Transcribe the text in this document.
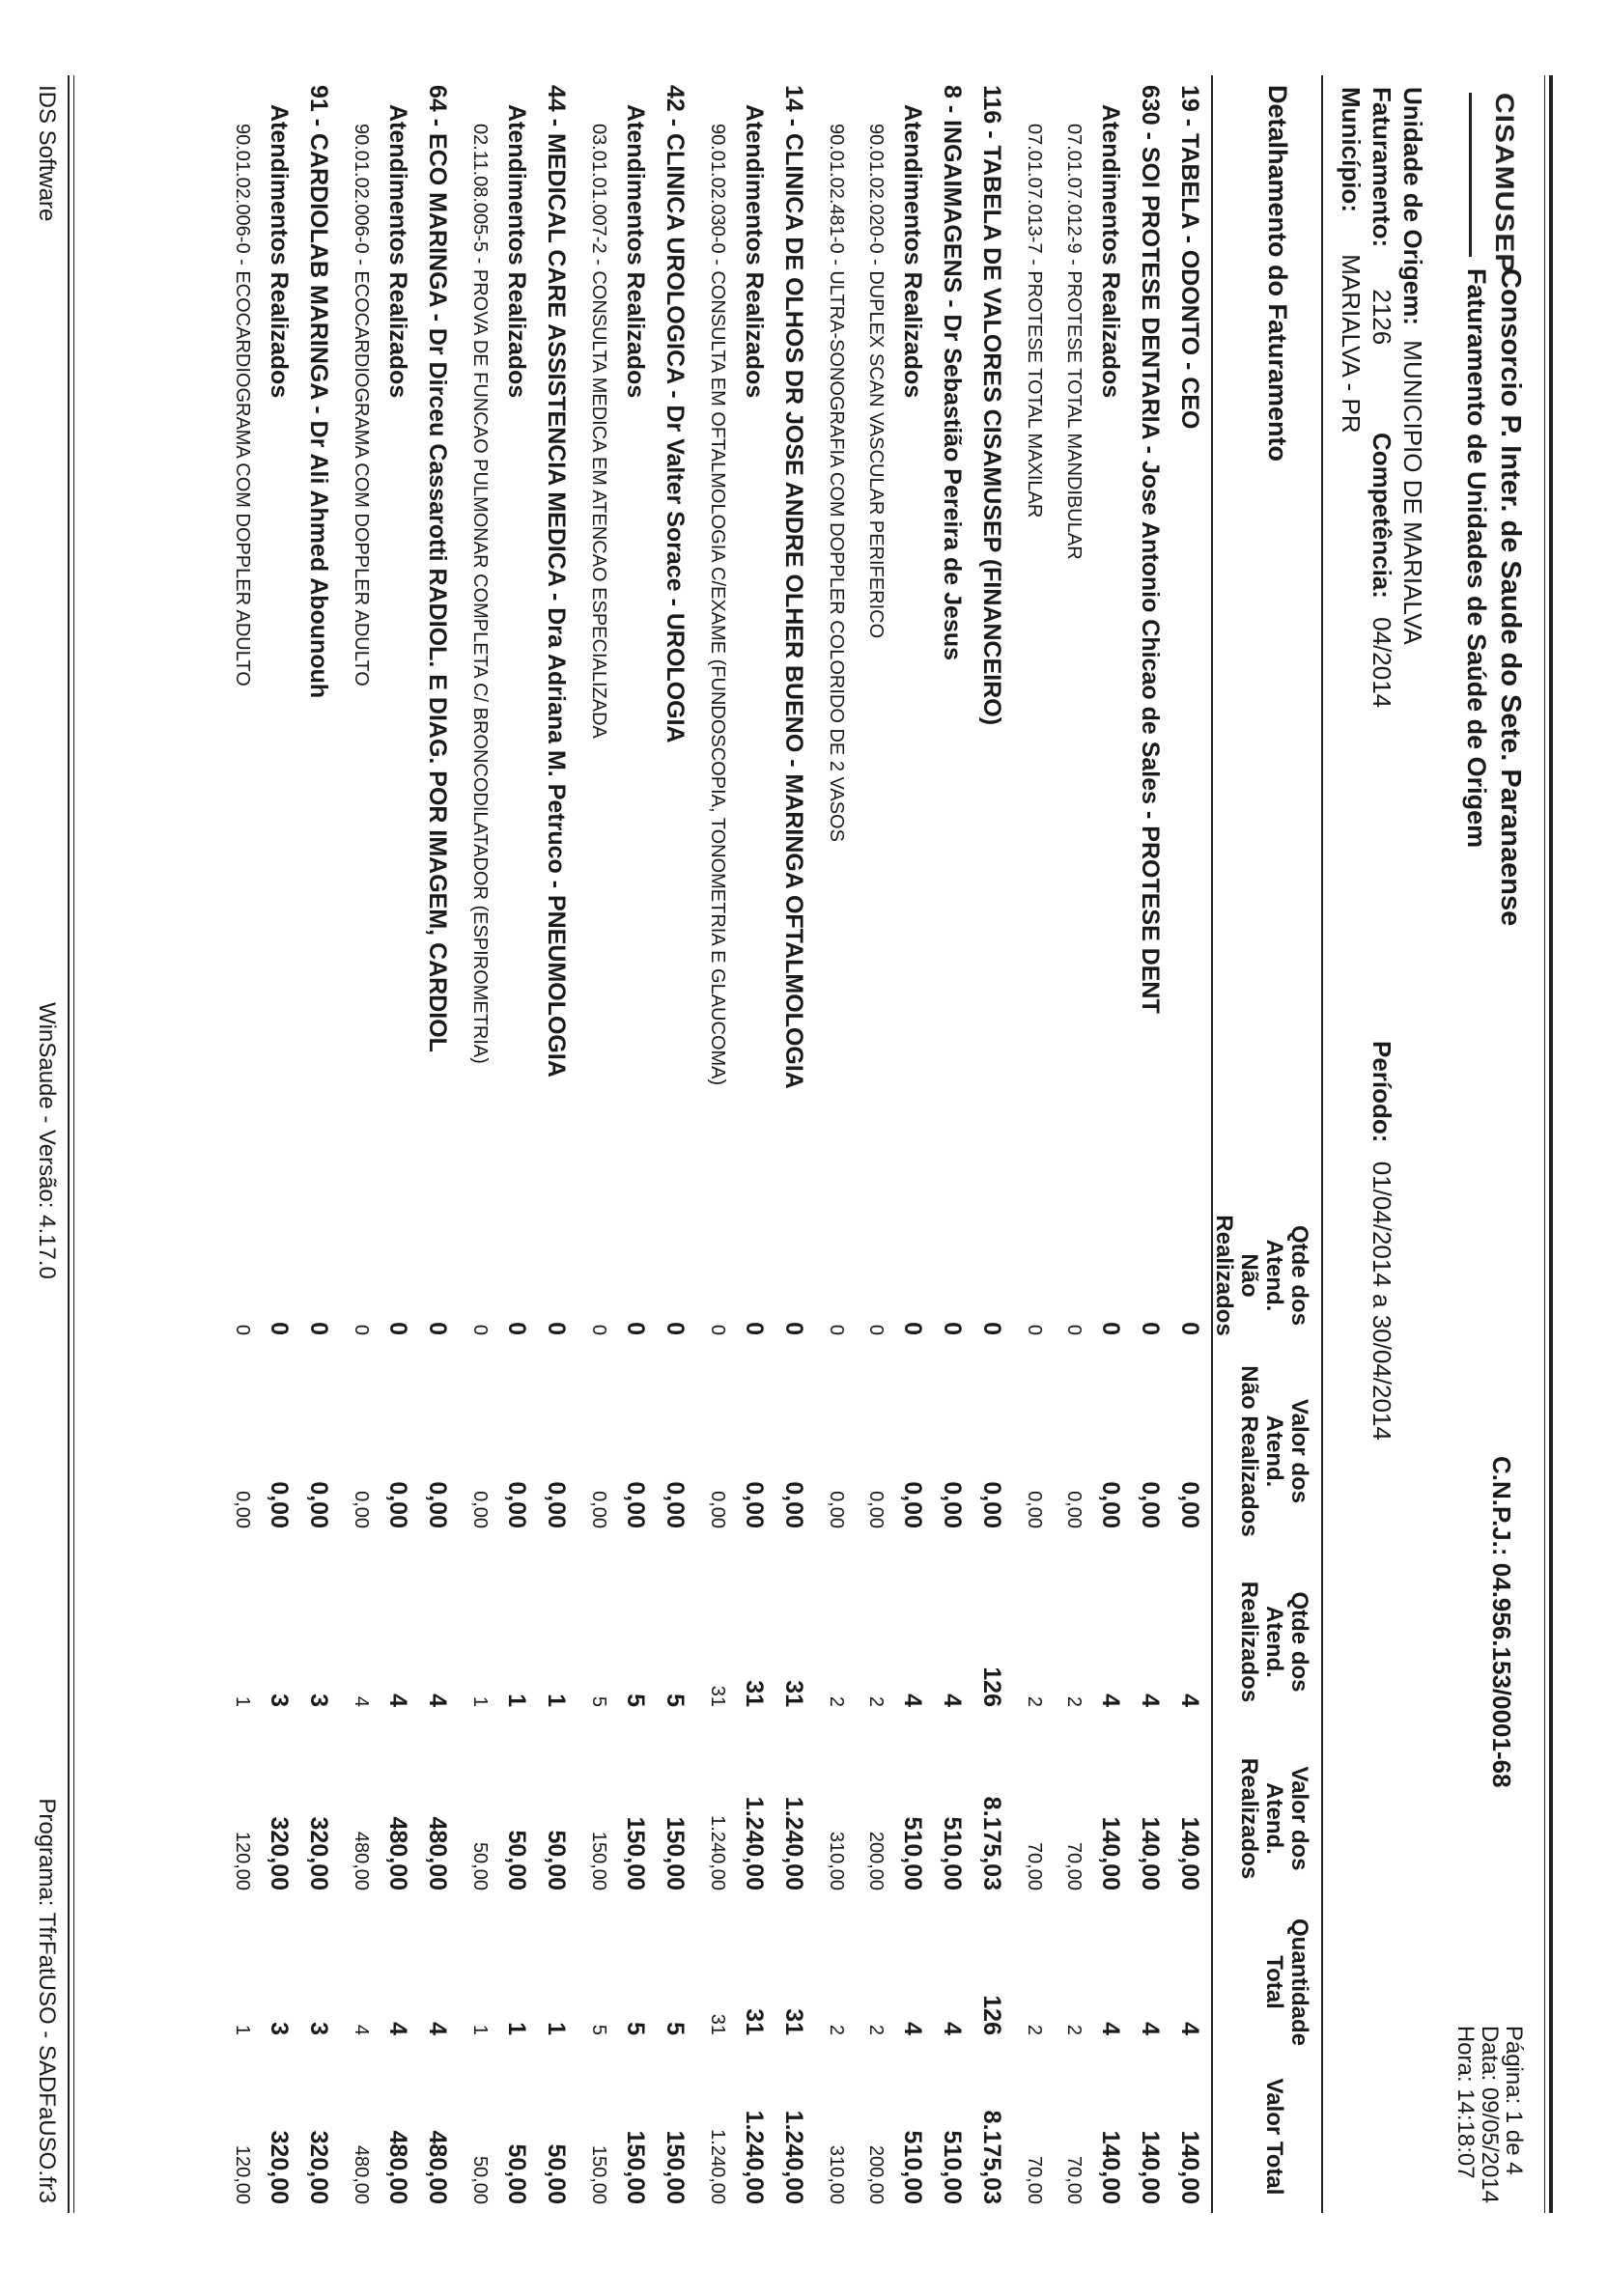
CISAMUSEP
Consorcio P. Inter. de Saude do Sete. Paranaense
Faturamento de Unidades de Saúde de Origem
C.N.P.J.: 04.956.153/0001-68
Página: 1 de 4
Data: 09/05/2014
Hora: 14:18:07
Unidade de Origem: MUNICIPIO DE MARIALVA
Faturamento: 2126
Competência: 04/2014
Período: 01/04/2014 a 30/04/2014
Município: MARIALVA - PR
Detalhamento do Faturamento
Qtde dos Atend.
Não Realizados
Valor dos Atend.
Não Realizados
Qtde dos Atend.
Realizados
Valor dos Atend.
Realizados
Quantidade
Total
Valor Total
19 - TABELA - ODONTO - CEO
0
0,00
4
140,00
4
140,00
630 - SOI PROTESE DENTARIA - Jose Antonio Chicao de Sales - PROTESE DENT
0
0,00
4
140,00
4
140,00
Atendimentos Realizados
0
0,00
4
140,00
4
140,00
07.01.07.012-9 - PROTESE TOTAL MANDIBULAR
0
0,00
2
70,00
2
70,00
07.01.07.013-7 - PROTESE TOTAL MAXILAR
0
0,00
2
70,00
2
70,00
116 - TABELA DE VALORES CISAMUSEP (FINANCEIRO)
0
0,00
126
8.175,03
126
8.175,03
8 - INGAIMAGENS - Dr Sebastião Pereira de Jesus
0
0,00
4
510,00
4
510,00
Atendimentos Realizados
0
0,00
4
510,00
4
510,00
90.01.02.020-0 - DUPLEX SCAN VASCULAR PERIFERICO
0
0,00
2
200,00
2
200,00
90.01.02.481-0 - ULTRA-SONOGRAFIA COM DOPPLER COLORIDO DE 2 VASOS
0
0,00
2
310,00
2
310,00
14 - CLINICA DE OLHOS DR JOSE ANDRE OLHER BUENO - MARINGA OFTALMOLOGIA
0
0,00
31
1.240,00
31
1.240,00
Atendimentos Realizados
0
0,00
31
1.240,00
31
1.240,00
90.01.02.030-0 - CONSULTA EM OFTALMOLOGIA C/EXAME (FUNDOSCOPIA, TONOMETRIA E GLAUCOMA)
0
0,00
31
1.240,00
31
1.240,00
42 - CLINICA UROLOGICA - Dr Valter Sorace - UROLOGIA
0
0,00
5
150,00
5
150,00
Atendimentos Realizados
0
0,00
5
150,00
5
150,00
03.01.01.007-2 - CONSULTA MEDICA EM ATENCAO ESPECIALIZADA
0
0,00
5
150,00
5
150,00
44 - MEDICAL CARE ASSISTENCIA MEDICA - Dra Adriana M. Petruco - PNEUMOLOGIA
0
0,00
1
50,00
1
50,00
Atendimentos Realizados
0
0,00
1
50,00
1
50,00
02.11.08.005-5 - PROVA DE FUNCAO PULMONAR COMPLETA C/ BRONCODILATADOR (ESPIROMETRIA)
0
0,00
1
50,00
1
50,00
64 - ECO MARINGA - Dr Dirceu Cassarotti RADIOL. E DIAG. POR IMAGEM, CARDIOL
0
0,00
4
480,00
4
480,00
Atendimentos Realizados
0
0,00
4
480,00
4
480,00
90.01.02.006-0 - ECOCARDIOGRAMA COM DOPPLER ADULTO
0
0,00
4
480,00
4
480,00
91 - CARDIOLAB MARINGA - Dr Ali Ahmed Abounouh
0
0,00
3
320,00
3
320,00
Atendimentos Realizados
0
0,00
3
320,00
3
320,00
90.01.02.006-0 - ECOCARDIOGRAMA COM DOPPLER ADULTO
0
0,00
1
120,00
1
120,00
IDS Software
WinSaude - Versão: 4.17.0
Programa: TfrFatUSO - SADFaUSO.fr3
